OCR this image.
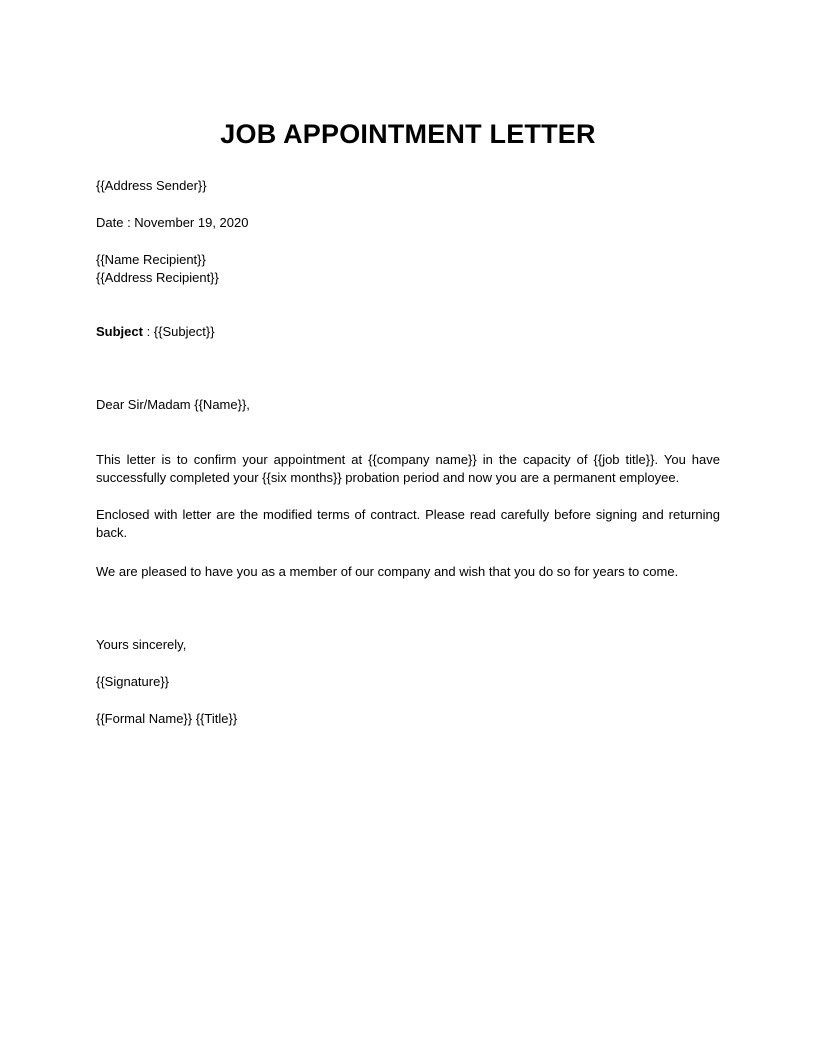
JOB APPOINTMENT LETTER

{{Address Sender}}

Date : November 19, 2020

{{Name Recipient}}

{{Address Recipient}}

Subject : {{Subject}}

Dear Sir/Madam {{Name}},

This letter is to confirm your appointment at {{company name}} in the capacity of {{job title}}. You have successfully completed your {{six months}} probation period and now you are a permanent employee.

Enclosed with letter are the modified terms of contract. Please read carefully before signing and returning back.

We are pleased to have you as a member of our company and wish that you do so for years to come.

Yours sincerely,

{{Signature}}

{{Formal Name}} {{Title}}
